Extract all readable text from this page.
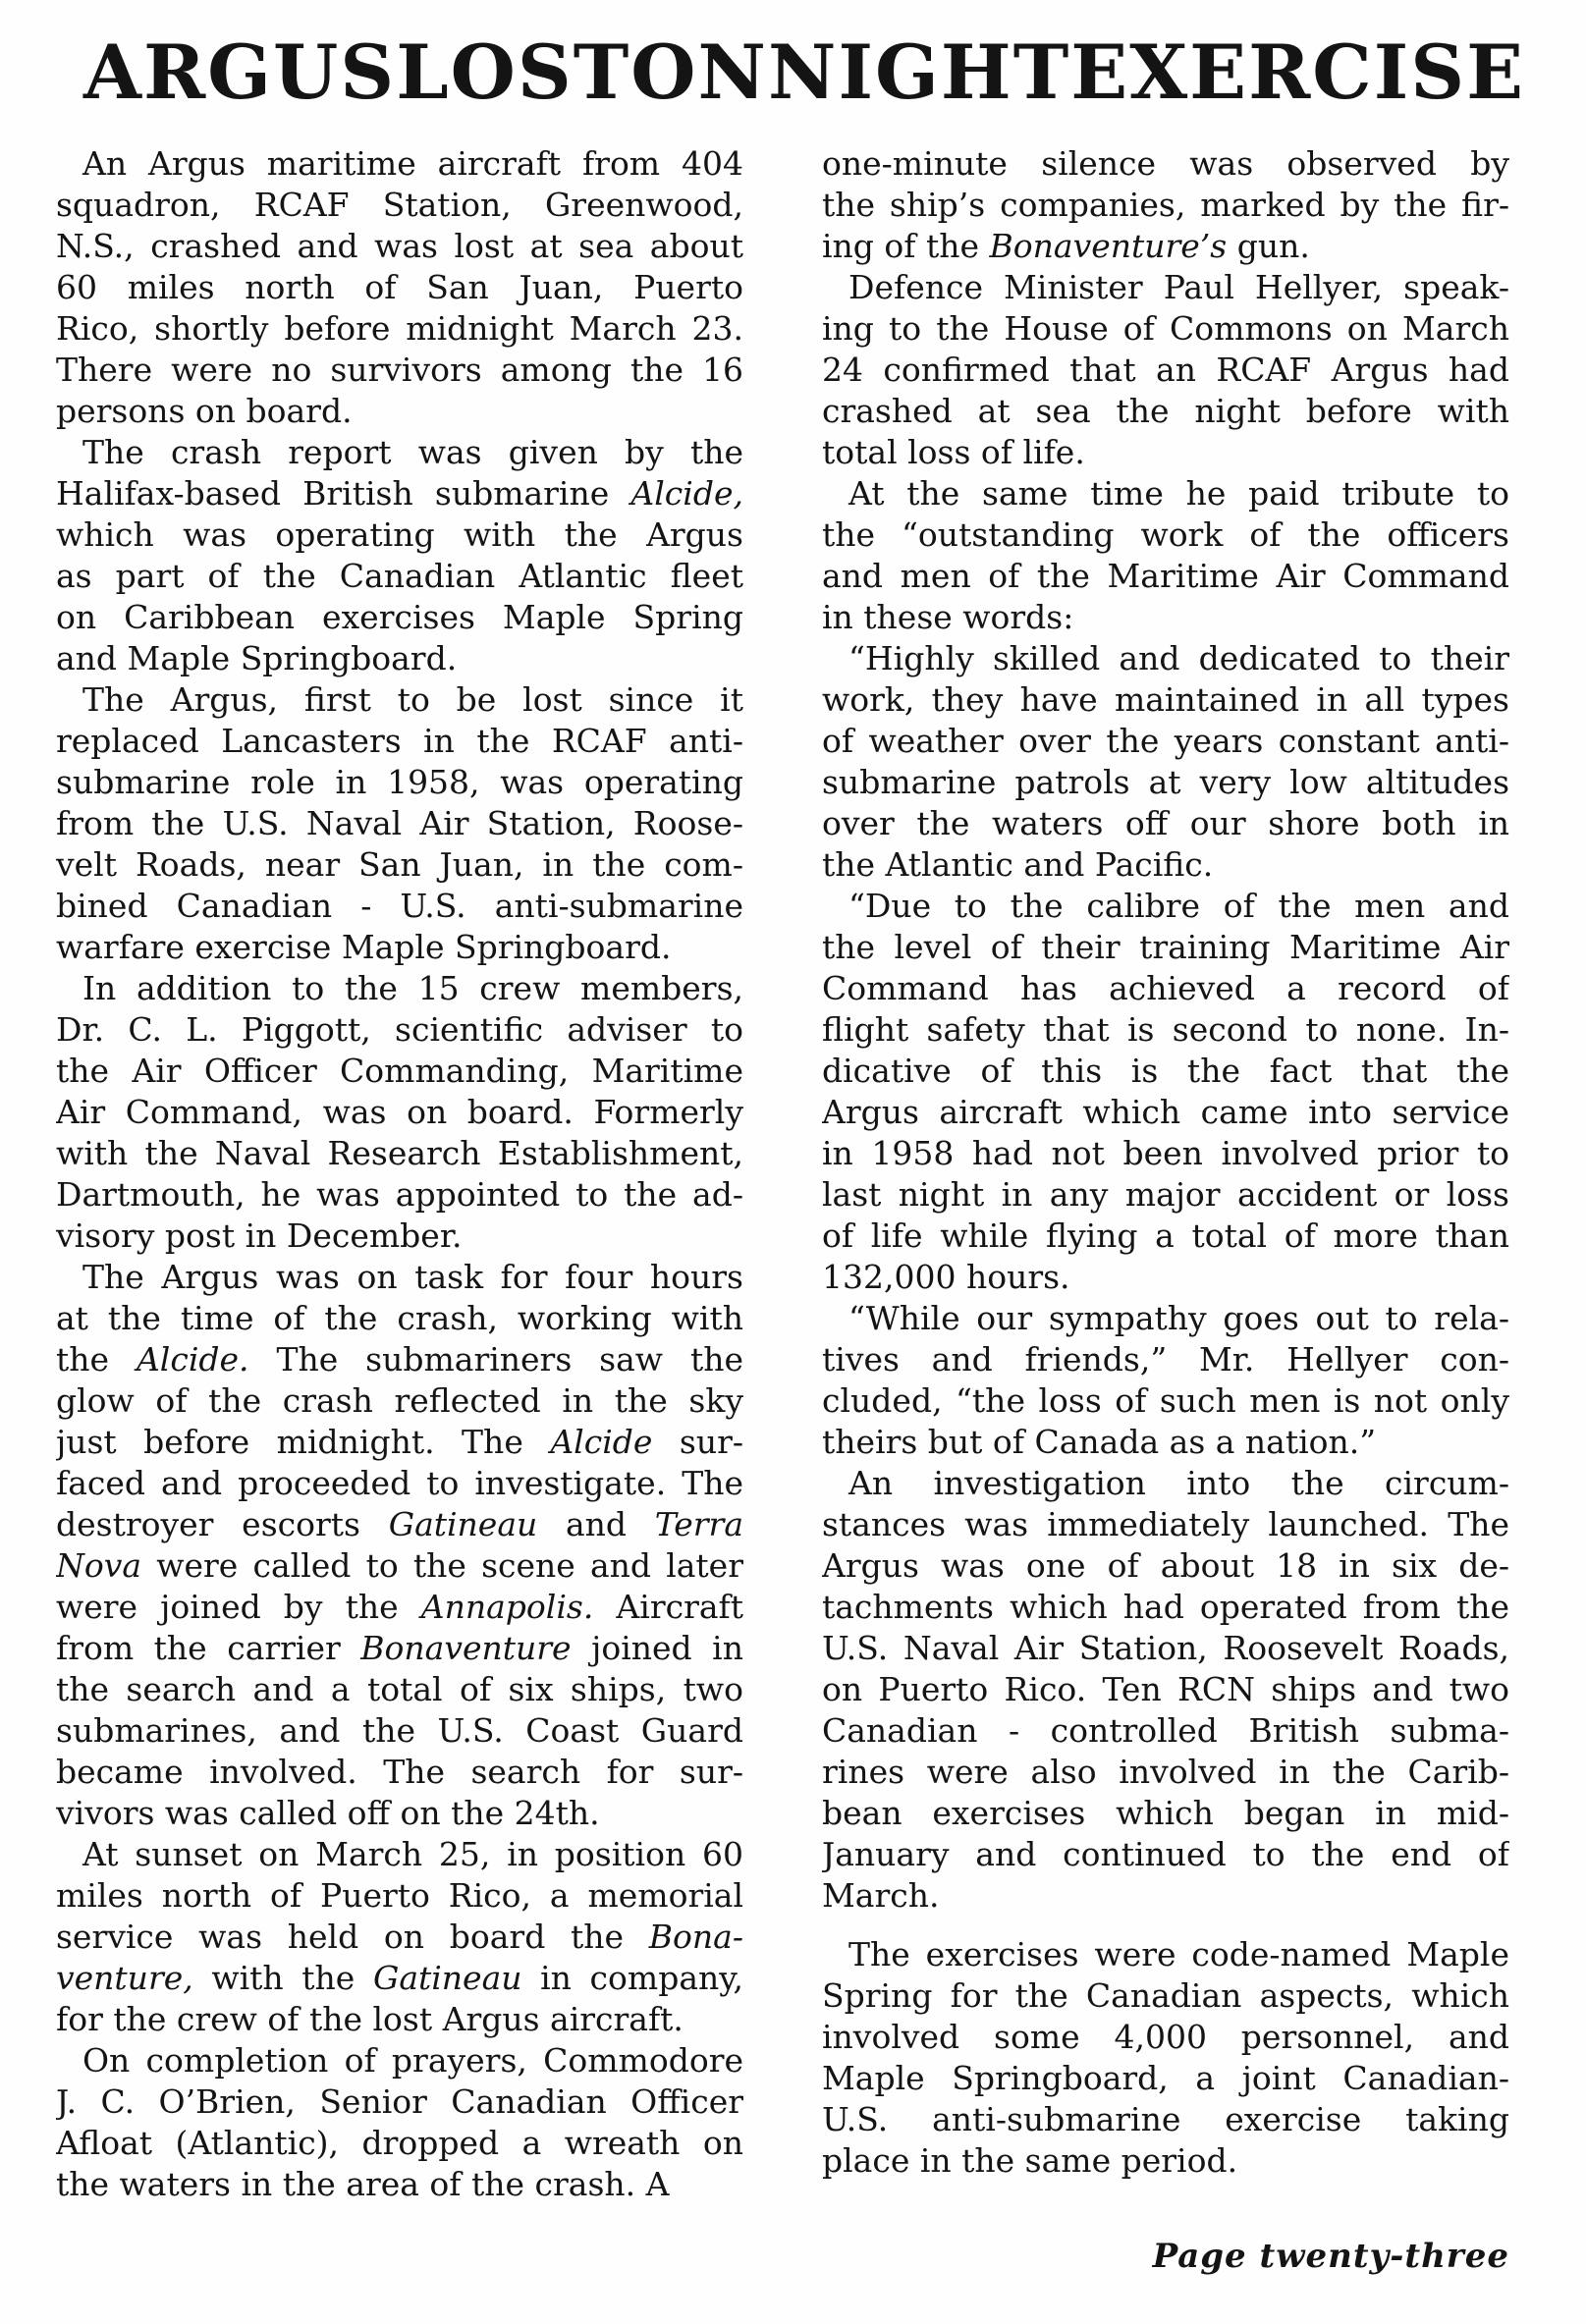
ARGUS LOST ON NIGHT EXERCISE
An Argus maritime aircraft from 404
squadron, RCAF Station, Greenwood,
N.S., crashed and was lost at sea about
60 miles north of San Juan, Puerto
Rico, shortly before midnight March 23.
There were no survivors among the 16
persons on board.
The crash report was given by the
Halifax-based British submarine Alcide,
which was operating with the Argus
as part of the Canadian Atlantic fleet
on Caribbean exercises Maple Spring
and Maple Springboard.
The Argus, first to be lost since it
replaced Lancasters in the RCAF anti-
submarine role in 1958, was operating
from the U.S. Naval Air Station, Roose-
velt Roads, near San Juan, in the com-
bined Canadian - U.S. anti-submarine
warfare exercise Maple Springboard.
In addition to the 15 crew members,
Dr. C. L. Piggott, scientific adviser to
the Air Officer Commanding, Maritime
Air Command, was on board. Formerly
with the Naval Research Establishment,
Dartmouth, he was appointed to the ad-
visory post in December.
The Argus was on task for four hours
at the time of the crash, working with
the Alcide. The submariners saw the
glow of the crash reflected in the sky
just before midnight. The Alcide sur-
faced and proceeded to investigate. The
destroyer escorts Gatineau and Terra
Nova were called to the scene and later
were joined by the Annapolis. Aircraft
from the carrier Bonaventure joined in
the search and a total of six ships, two
submarines, and the U.S. Coast Guard
became involved. The search for sur-
vivors was called off on the 24th.
At sunset on March 25, in position 60
miles north of Puerto Rico, a memorial
service was held on board the Bona-
venture, with the Gatineau in company,
for the crew of the lost Argus aircraft.
On completion of prayers, Commodore
J. C. O’Brien, Senior Canadian Officer
Afloat (Atlantic), dropped a wreath on
the waters in the area of the crash. A
one-minute silence was observed by
the ship’s companies, marked by the fir-
ing of the Bonaventure’s gun.
Defence Minister Paul Hellyer, speak-
ing to the House of Commons on March
24 confirmed that an RCAF Argus had
crashed at sea the night before with
total loss of life.
At the same time he paid tribute to
the “outstanding work of the officers
and men of the Maritime Air Command
in these words:
“Highly skilled and dedicated to their
work, they have maintained in all types
of weather over the years constant anti-
submarine patrols at very low altitudes
over the waters off our shore both in
the Atlantic and Pacific.
“Due to the calibre of the men and
the level of their training Maritime Air
Command has achieved a record of
flight safety that is second to none. In-
dicative of this is the fact that the
Argus aircraft which came into service
in 1958 had not been involved prior to
last night in any major accident or loss
of life while flying a total of more than
132,000 hours.
“While our sympathy goes out to rela-
tives and friends,” Mr. Hellyer con-
cluded, “the loss of such men is not only
theirs but of Canada as a nation.”
An investigation into the circum-
stances was immediately launched. The
Argus was one of about 18 in six de-
tachments which had operated from the
U.S. Naval Air Station, Roosevelt Roads,
on Puerto Rico. Ten RCN ships and two
Canadian - controlled British subma-
rines were also involved in the Carib-
bean exercises which began in mid-
January and continued to the end of
March.
The exercises were code-named Maple
Spring for the Canadian aspects, which
involved some 4,000 personnel, and
Maple Springboard, a joint Canadian-
U.S. anti-submarine exercise taking
place in the same period.
Page twenty-three
